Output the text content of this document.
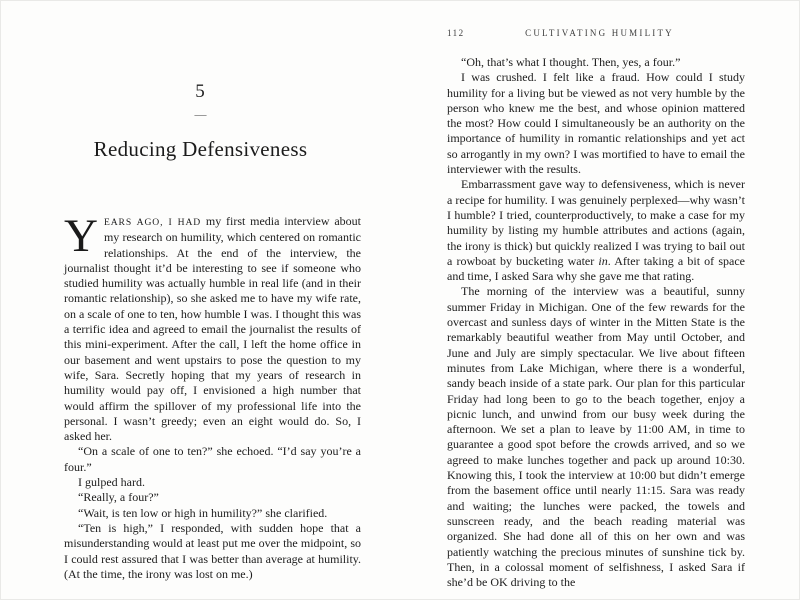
5
—
Reducing Defensiveness

YEARS AGO, I HAD my first media interview about my research on humility, which centered on romantic relationships. At the end of the interview, the journalist thought it’d be interesting to see if someone who studied humility was actually humble in real life (and in their romantic relationship), so she asked me to have my wife rate, on a scale of one to ten, how humble I was. I thought this was a terrific idea and agreed to email the journalist the results of this mini-experiment. After the call, I left the home office in our basement and went upstairs to pose the question to my wife, Sara. Secretly hoping that my years of research in humility would pay off, I envisioned a high number that would affirm the spillover of my professional life into the personal. I wasn’t greedy; even an eight would do. So, I asked her.

“On a scale of one to ten?” she echoed. “I’d say you’re a four.”

I gulped hard.

“Really, a four?”

“Wait, is ten low or high in humility?” she clarified.

“Ten is high,” I responded, with sudden hope that a misunderstanding would at least put me over the midpoint, so I could rest assured that I was better than average at humility. (At the time, the irony was lost on me.)

112	CULTIVATING HUMILITY

“Oh, that’s what I thought. Then, yes, a four.”

I was crushed. I felt like a fraud. How could I study humility for a living but be viewed as not very humble by the person who knew me the best, and whose opinion mattered the most? How could I simultaneously be an authority on the importance of humility in romantic relationships and yet act so arrogantly in my own? I was mortified to have to email the interviewer with the results.

Embarrassment gave way to defensiveness, which is never a recipe for humility. I was genuinely perplexed—why wasn’t I humble? I tried, counterproductively, to make a case for my humility by listing my humble attributes and actions (again, the irony is thick) but quickly realized I was trying to bail out a rowboat by bucketing water in. After taking a bit of space and time, I asked Sara why she gave me that rating.

The morning of the interview was a beautiful, sunny summer Friday in Michigan. One of the few rewards for the overcast and sunless days of winter in the Mitten State is the remarkably beautiful weather from May until October, and June and July are simply spectacular. We live about fifteen minutes from Lake Michigan, where there is a wonderful, sandy beach inside of a state park. Our plan for this particular Friday had long been to go to the beach together, enjoy a picnic lunch, and unwind from our busy week during the afternoon. We set a plan to leave by 11:00 AM, in time to guarantee a good spot before the crowds arrived, and so we agreed to make lunches together and pack up around 10:30. Knowing this, I took the interview at 10:00 but didn’t emerge from the basement office until nearly 11:15. Sara was ready and waiting; the lunches were packed, the towels and sunscreen ready, and the beach reading material was organized. She had done all of this on her own and was patiently watching the precious minutes of sunshine tick by. Then, in a colossal moment of selfishness, I asked Sara if she’d be OK driving to the
